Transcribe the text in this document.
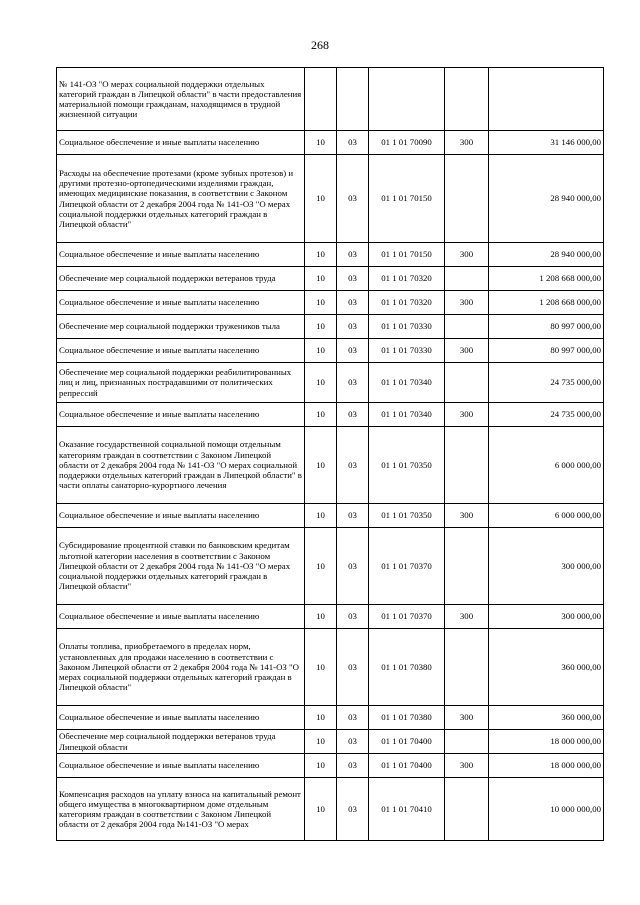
268
№ 141-ОЗ "О мерах социальной поддержки отдельных категорий граждан в Липецкой области" в части предоставления материальной помощи гражданам, находящимся в трудной жизненной ситуации					
Социальное обеспечение и иные выплаты населению	10	03	01 1 01 70090	300	31 146 000,00
Расходы на обеспечение протезами (кроме зубных протезов) и другими протезно-ортопедическими изделиями граждан, имеющих медицинские показания, в соответствии с Законом Липецкой области от 2 декабря 2004 года № 141-ОЗ "О мерах социальной поддержки отдельных категорий граждан в Липецкой области"	10	03	01 1 01 70150		28 940 000,00
Социальное обеспечение и иные выплаты населению	10	03	01 1 01 70150	300	28 940 000,00
Обеспечение мер социальной поддержки ветеранов труда	10	03	01 1 01 70320		1 208 668 000,00
Социальное обеспечение и иные выплаты населению	10	03	01 1 01 70320	300	1 208 668 000,00
Обеспечение мер социальной поддержки тружеников тыла	10	03	01 1 01 70330		80 997 000,00
Социальное обеспечение и иные выплаты населению	10	03	01 1 01 70330	300	80 997 000,00
Обеспечение мер социальной поддержки реабилитированных лиц и лиц, признанных пострадавшими от политических репрессий	10	03	01 1 01 70340		24 735 000,00
Социальное обеспечение и иные выплаты населению	10	03	01 1 01 70340	300	24 735 000,00
Оказание государственной социальной помощи отдельным категориям граждан в соответствии с Законом Липецкой области от 2 декабря 2004 года № 141-ОЗ "О мерах социальной поддержки отдельных категорий граждан в Липецкой области" в части оплаты санаторно-курортного лечения	10	03	01 1 01 70350		6 000 000,00
Социальное обеспечение и иные выплаты населению	10	03	01 1 01 70350	300	6 000 000,00
Субсидирование процентной ставки по банковским кредитам льготной категории населения в соответствии с Законом Липецкой области от 2 декабря 2004 года № 141-ОЗ "О мерах социальной поддержки отдельных категорий граждан в Липецкой области"	10	03	01 1 01 70370		300 000,00
Социальное обеспечение и иные выплаты населению	10	03	01 1 01 70370	300	300 000,00
Оплаты топлива, приобретаемого в пределах норм, установленных для продажи населению в соответствии с Законом Липецкой области от 2 декабря 2004 года № 141-ОЗ "О мерах социальной поддержки отдельных категорий граждан в Липецкой области"	10	03	01 1 01 70380		360 000,00
Социальное обеспечение и иные выплаты населению	10	03	01 1 01 70380	300	360 000,00
Обеспечение мер социальной поддержки ветеранов труда Липецкой области	10	03	01 1 01 70400		18 000 000,00
Социальное обеспечение и иные выплаты населению	10	03	01 1 01 70400	300	18 000 000,00
Компенсация расходов на уплату взноса на капитальный ремонт общего имущества в многоквартирном доме отдельным категориям граждан в соответствии с Законом Липецкой области от 2 декабря 2004 года №141-ОЗ "О мерах	10	03	01 1 01 70410		10 000 000,00
